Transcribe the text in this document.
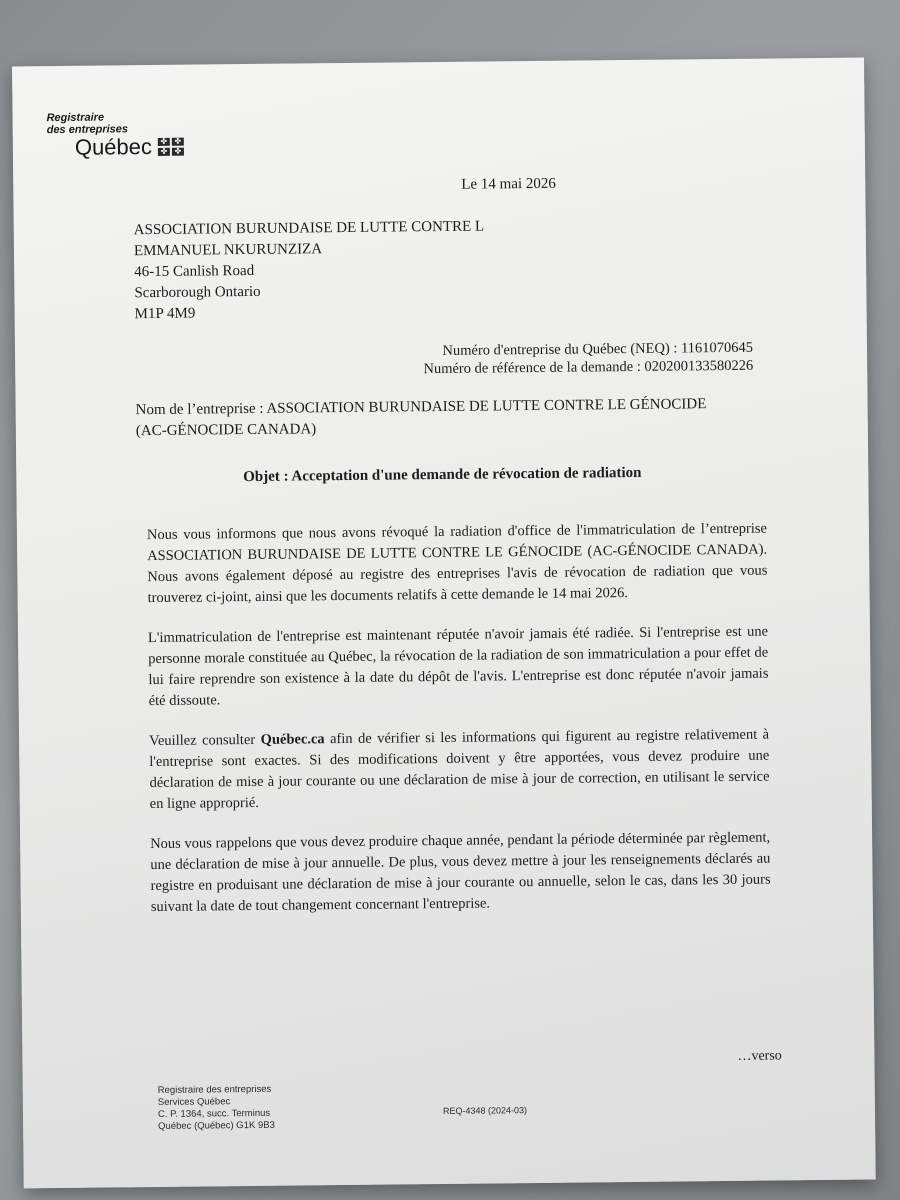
Registraire
des entreprises
Québec	✤ ✤
✤ ✤
Le 14 mai 2026
ASSOCIATION BURUNDAISE DE LUTTE CONTRE L
EMMANUEL NKURUNZIZA
46-15 Canlish Road
Scarborough Ontario
M1P 4M9
Numéro d'entreprise du Québec (NEQ) : 1161070645
Numéro de référence de la demande : 020200133580226
Nom de l’entreprise : ASSOCIATION BURUNDAISE DE LUTTE CONTRE LE GÉNOCIDE (AC-GÉNOCIDE CANADA)
Objet : Acceptation d'une demande de révocation de radiation

Nous vous informons que nous avons révoqué la radiation d'office de l'immatriculation de l’entreprise ASSOCIATION BURUNDAISE DE LUTTE CONTRE LE GÉNOCIDE (AC-GÉNOCIDE CANADA). Nous avons également déposé au registre des entreprises l'avis de révocation de radiation que vous trouverez ci-joint, ainsi que les documents relatifs à cette demande le 14 mai 2026.

L'immatriculation de l'entreprise est maintenant réputée n'avoir jamais été radiée. Si l'entreprise est une personne morale constituée au Québec, la révocation de la radiation de son immatriculation a pour effet de lui faire reprendre son existence à la date du dépôt de l'avis. L'entreprise est donc réputée n'avoir jamais été dissoute.

Veuillez consulter Québec.ca afin de vérifier si les informations qui figurent au registre relativement à l'entreprise sont exactes. Si des modifications doivent y être apportées, vous devez produire une déclaration de mise à jour courante ou une déclaration de mise à jour de correction, en utilisant le service en ligne approprié.

Nous vous rappelons que vous devez produire chaque année, pendant la période déterminée par règlement, une déclaration de mise à jour annuelle. De plus, vous devez mettre à jour les renseignements déclarés au registre en produisant une déclaration de mise à jour courante ou annuelle, selon le cas, dans les 30 jours suivant la date de tout changement concernant l'entreprise.

…verso
Registraire des entreprises
Services Québec
C. P. 1364, succ. Terminus
Québec (Québec) G1K 9B3
REQ-4348 (2024-03)
